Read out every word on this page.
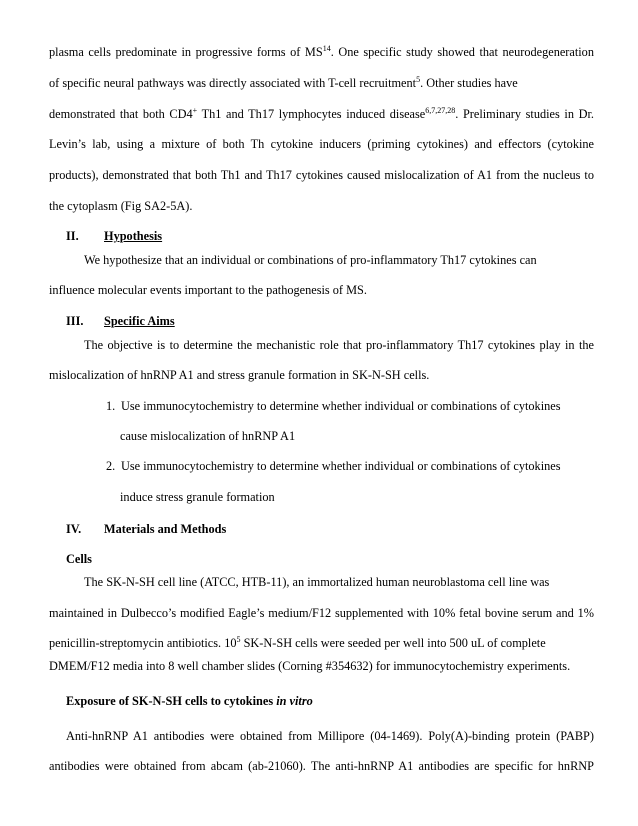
plasma cells predominate in progressive forms of MS$^{14}$. One specific study showed that neurodegeneration
of specific neural pathways was directly associated with T-cell recruitment$^5$. Other studies have
demonstrated that both CD4+ Th1 and Th17 lymphocytes induced disease$^{6,7,27,28}$. Preliminary studies in Dr.
Levin’s lab, using a mixture of both Th cytokine inducers (priming cytokines) and effectors (cytokine
products), demonstrated that both Th1 and Th17 cytokines caused mislocalization of A1 from the nucleus to
the cytoplasm (Fig SA2-5A).
II. Hypothesis
We hypothesize that an individual or combinations of pro-inflammatory Th17 cytokines can
influence molecular events important to the pathogenesis of MS.
III. Specific Aims
The objective is to determine the mechanistic role that pro-inflammatory Th17 cytokines play in the
mislocalization of hnRNP A1 and stress granule formation in SK-N-SH cells.
1. Use immunocytochemistry to determine whether individual or combinations of cytokines
cause mislocalization of hnRNP A1
2. Use immunocytochemistry to determine whether individual or combinations of cytokines
induce stress granule formation
IV. Materials and Methods
Cells
The SK-N-SH cell line (ATCC, HTB-11), an immortalized human neuroblastoma cell line was
maintained in Dulbecco’s modified Eagle’s medium/F12 supplemented with 10% fetal bovine serum and 1%
penicillin-streptomycin antibiotics. $10^5$ SK-N-SH cells were seeded per well into 500 uL of complete
DMEM/F12 media into 8 well chamber slides (Corning #354632) for immunocytochemistry experiments.
Exposure of SK-N-SH cells to cytokines in vitro
Anti-hnRNP A1 antibodies were obtained from Millipore (04-1469). Poly(A)-binding protein (PABP)
antibodies were obtained from abcam (ab-21060). The anti-hnRNP A1 antibodies are specific for hnRNP
